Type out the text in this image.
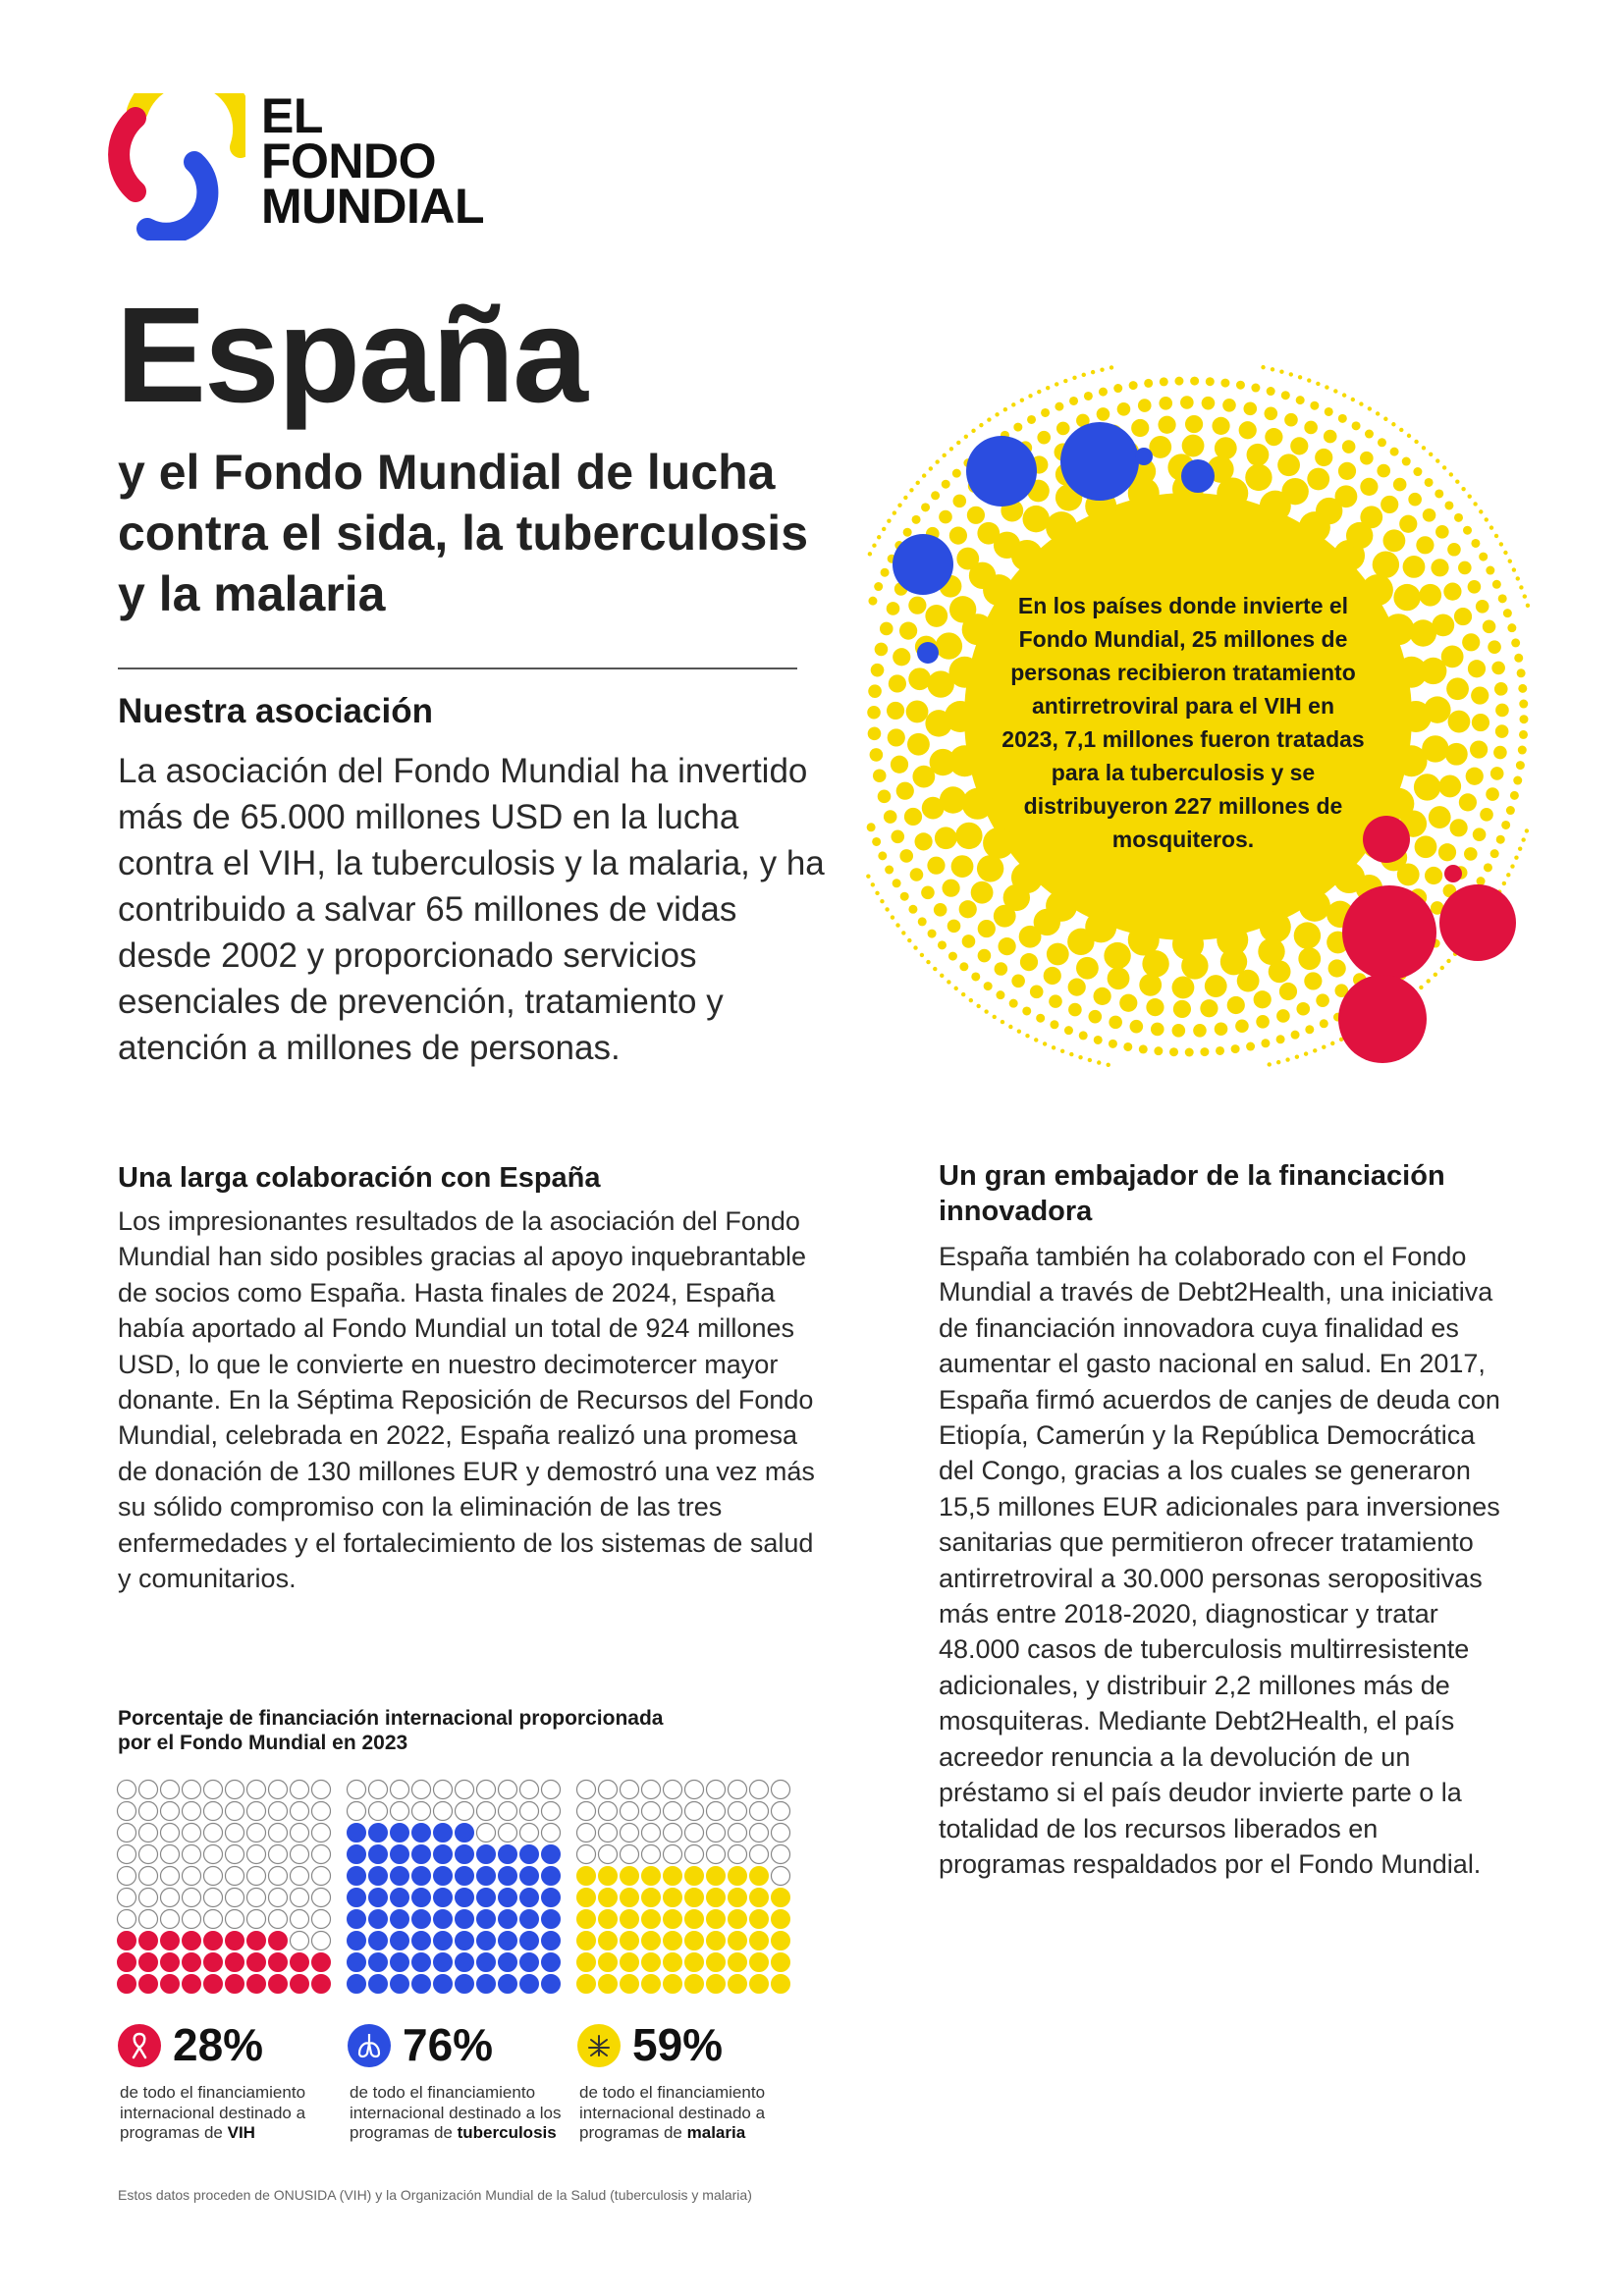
EL
FONDO
MUNDIAL
España
y el Fondo Mundial de lucha contra el sida, la tuberculosis y la malaria
Nuestra asociación
La asociación del Fondo Mundial ha invertido más de 65.000 millones USD en la lucha contra el VIH, la tuberculosis y la malaria, y ha contribuido a salvar 65 millones de vidas desde 2002 y proporcionado servicios esenciales de prevención, tratamiento y atención a millones de personas.
En los países donde invierte el Fondo Mundial, 25 millones de personas recibieron tratamiento antirretroviral para el VIH en 2023, 7,1 millones fueron tratadas para la tuberculosis y se distribuyeron 227 millones de mosquiteros.
Una larga colaboración con España
Los impresionantes resultados de la asociación del Fondo Mundial han sido posibles gracias al apoyo inquebrantable de socios como España. Hasta finales de 2024, España había aportado al Fondo Mundial un total de 924 millones USD, lo que le convierte en nuestro decimotercer mayor donante. En la Séptima Reposición de Recursos del Fondo Mundial, celebrada en 2022, España realizó una promesa de donación de 130 millones EUR y demostró una vez más su sólido compromiso con la eliminación de las tres enfermedades y el fortalecimiento de los sistemas de salud y comunitarios.
Un gran embajador de la financiación innovadora
España también ha colaborado con el Fondo Mundial a través de Debt2Health, una iniciativa de financiación innovadora cuya finalidad es aumentar el gasto nacional en salud. En 2017, España firmó acuerdos de canjes de deuda con Etiopía, Camerún y la República Democrática del Congo, gracias a los cuales se generaron 15,5 millones EUR adicionales para inversiones sanitarias que permitieron ofrecer tratamiento antirretroviral a 30.000 personas seropositivas más entre 2018-2020, diagnosticar y tratar 48.000 casos de tuberculosis multirresistente adicionales, y distribuir 2,2 millones más de mosquiteras. Mediante Debt2Health, el país acreedor renuncia a la devolución de un préstamo si el país deudor invierte parte o la totalidad de los recursos liberados en programas respaldados por el Fondo Mundial.
Porcentaje de financiación internacional proporcionada por el Fondo Mundial en 2023
28%
de todo el financiamiento internacional destinado a programas de VIH
76%
de todo el financiamiento internacional destinado a los programas de tuberculosis
59%
de todo el financiamiento internacional destinado a programas de malaria
Estos datos proceden de ONUSIDA (VIH) y la Organización Mundial de la Salud (tuberculosis y malaria)
